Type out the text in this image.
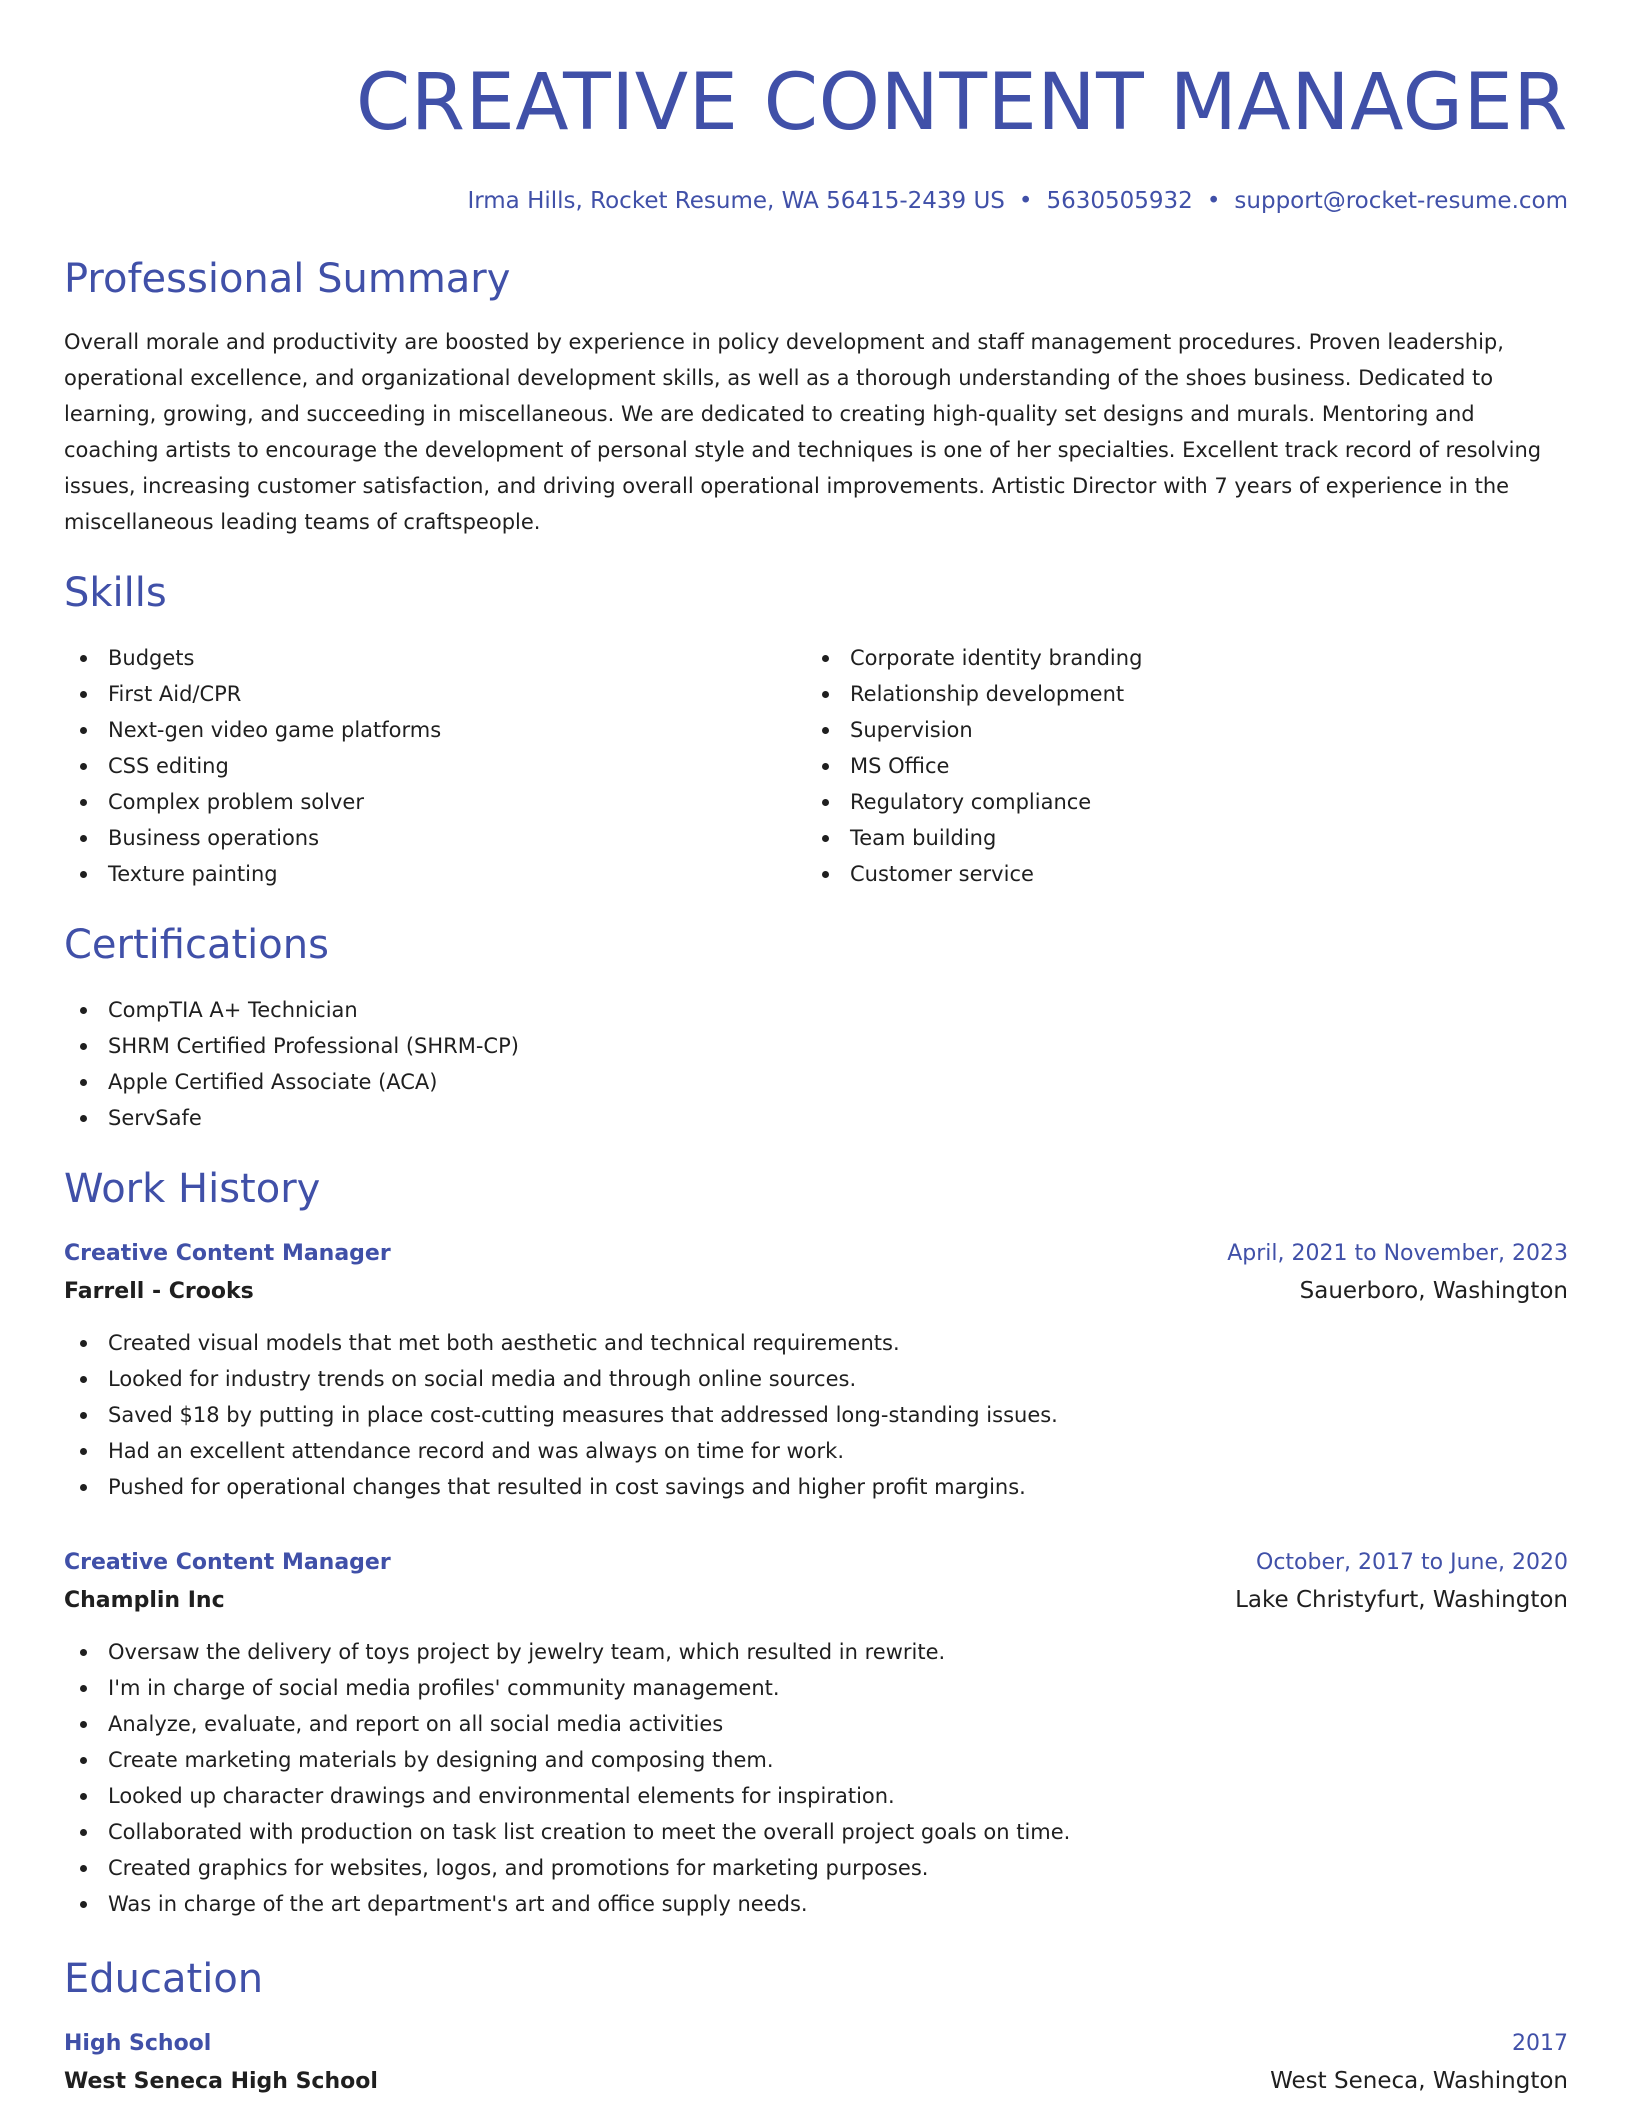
CREATIVE CONTENT MANAGER
Irma Hills, Rocket Resume, WA 56415-2439 US • 5630505932 • support@rocket-resume.com
Professional Summary

Overall morale and productivity are boosted by experience in policy development and staff management procedures. Proven leadership, operational excellence, and organizational development skills, as well as a thorough understanding of the shoes business. Dedicated to learning, growing, and succeeding in miscellaneous. We are dedicated to creating high-quality set designs and murals. Mentoring and coaching artists to encourage the development of personal style and techniques is one of her specialties. Excellent track record of resolving issues, increasing customer satisfaction, and driving overall operational improvements. Artistic Director with 7 years of experience in the miscellaneous leading teams of craftspeople.

Skills
Budgets
First Aid/CPR
Next-gen video game platforms
CSS editing
Complex problem solver
Business operations
Texture painting
Corporate identity branding
Relationship development
Supervision
MS Office
Regulatory compliance
Team building
Customer service
Certifications
CompTIA A+ Technician
SHRM Certified Professional (SHRM-CP)
Apple Certified Associate (ACA)
ServSafe
Work History
Creative Content Manager	April, 2021 to November, 2023
Farrell - Crooks	Sauerboro, Washington
Created visual models that met both aesthetic and technical requirements.
Looked for industry trends on social media and through online sources.
Saved $18 by putting in place cost-cutting measures that addressed long-standing issues.
Had an excellent attendance record and was always on time for work.
Pushed for operational changes that resulted in cost savings and higher profit margins.
Creative Content Manager	October, 2017 to June, 2020
Champlin Inc	Lake Christyfurt, Washington
Oversaw the delivery of toys project by jewelry team, which resulted in rewrite.
I'm in charge of social media profiles' community management.
Analyze, evaluate, and report on all social media activities
Create marketing materials by designing and composing them.
Looked up character drawings and environmental elements for inspiration.
Collaborated with production on task list creation to meet the overall project goals on time.
Created graphics for websites, logos, and promotions for marketing purposes.
Was in charge of the art department's art and office supply needs.
Education
High School	2017
West Seneca High School	West Seneca, Washington
